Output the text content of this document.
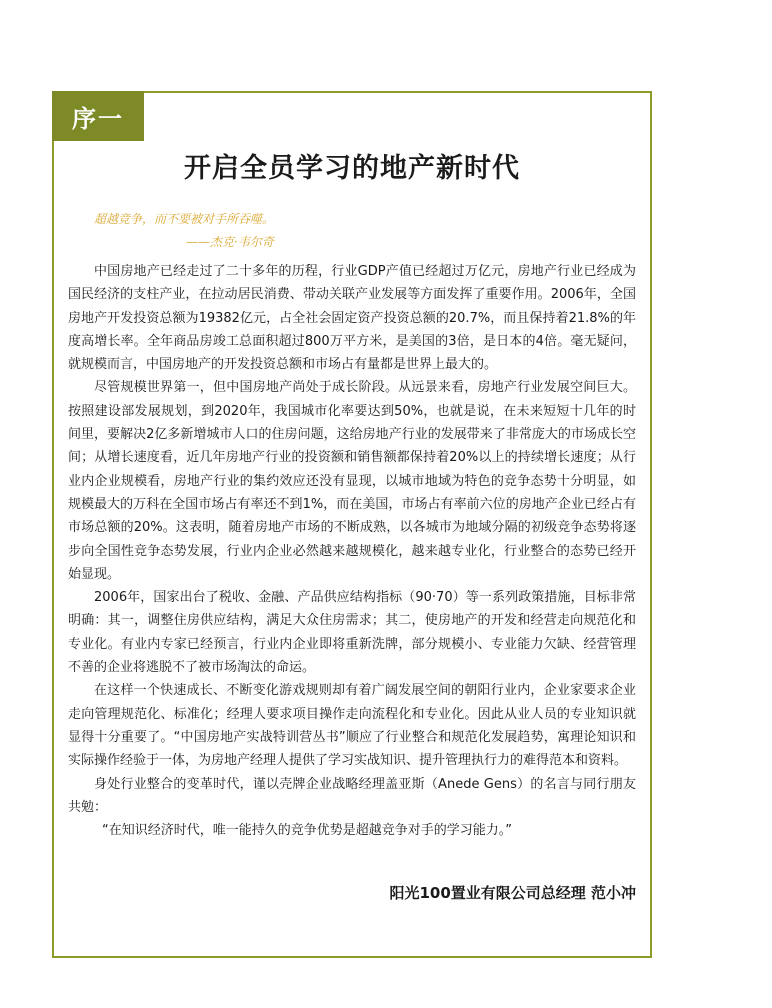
序一
开启全员学习的地产新时代
超越竞争，而不要被对手所吞噬。
——杰克·韦尔奇

中国房地产已经走过了二十多年的历程，行业GDP产值已经超过万亿元，房地产行业已经成为国民经济的支柱产业，在拉动居民消费、带动关联产业发展等方面发挥了重要作用。2006年，全国房地产开发投资总额为19382亿元，占全社会固定资产投资总额的20.7%，而且保持着21.8%的年度高增长率。全年商品房竣工总面积超过800万平方米，是美国的3倍，是日本的4倍。毫无疑问，就规模而言，中国房地产的开发投资总额和市场占有量都是世界上最大的。

尽管规模世界第一，但中国房地产尚处于成长阶段。从远景来看，房地产行业发展空间巨大。按照建设部发展规划，到2020年，我国城市化率要达到50%，也就是说，在未来短短十几年的时间里，要解决2亿多新增城市人口的住房问题，这给房地产行业的发展带来了非常庞大的市场成长空间；从增长速度看，近几年房地产行业的投资额和销售额都保持着20%以上的持续增长速度；从行业内企业规模看，房地产行业的集约效应还没有显现，以城市地域为特色的竞争态势十分明显，如规模最大的万科在全国市场占有率还不到1%，而在美国，市场占有率前六位的房地产企业已经占有市场总额的20%。这表明，随着房地产市场的不断成熟，以各城市为地域分隔的初级竞争态势将逐步向全国性竞争态势发展，行业内企业必然越来越规模化，越来越专业化，行业整合的态势已经开始显现。

2006年，国家出台了税收、金融、产品供应结构指标（90·70）等一系列政策措施，目标非常明确：其一，调整住房供应结构，满足大众住房需求；其二，使房地产的开发和经营走向规范化和专业化。有业内专家已经预言，行业内企业即将重新洗牌，部分规模小、专业能力欠缺、经营管理不善的企业将逃脱不了被市场淘汰的命运。

在这样一个快速成长、不断变化游戏规则却有着广阔发展空间的朝阳行业内，企业家要求企业走向管理规范化、标准化；经理人要求项目操作走向流程化和专业化。因此从业人员的专业知识就显得十分重要了。“中国房地产实战特训营丛书”顺应了行业整合和规范化发展趋势，寓理论知识和实际操作经验于一体，为房地产经理人提供了学习实战知识、提升管理执行力的难得范本和资料。

身处行业整合的变革时代，谨以壳牌企业战略经理盖亚斯（Anede Gens）的名言与同行朋友共勉：

“在知识经济时代，唯一能持久的竞争优势是超越竞争对手的学习能力。”

阳光100置业有限公司总经理 范小冲
